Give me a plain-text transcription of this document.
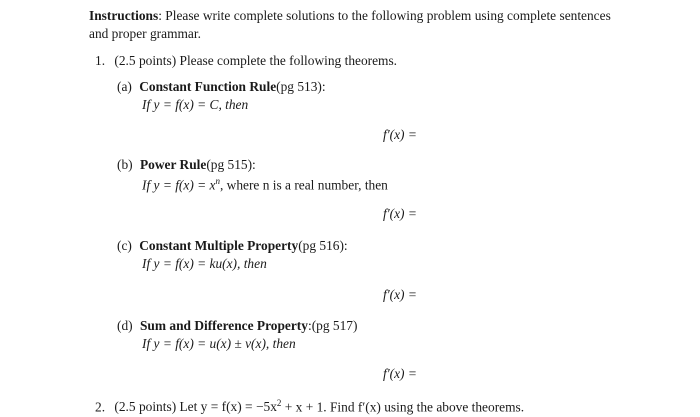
Instructions: Please write complete solutions to the following problem using complete sentences
and proper grammar.
1. (2.5 points) Please complete the following theorems.
(a) Constant Function Rule(pg 513):
If y = f(x) = C, then
f′(x) =
(b) Power Rule(pg 515):
If $y = f(x) = x^n$, where n is a real number, then
f′(x) =
(c) Constant Multiple Property(pg 516):
If y = f(x) = ku(x), then
f′(x) =
(d) Sum and Difference Property:(pg 517)
If y = f(x) = u(x) ± v(x), then
f′(x) =
2. (2.5 points) Let $y = f(x) = -5x^2 + x + 1$. Find f′(x) using the above theorems.
